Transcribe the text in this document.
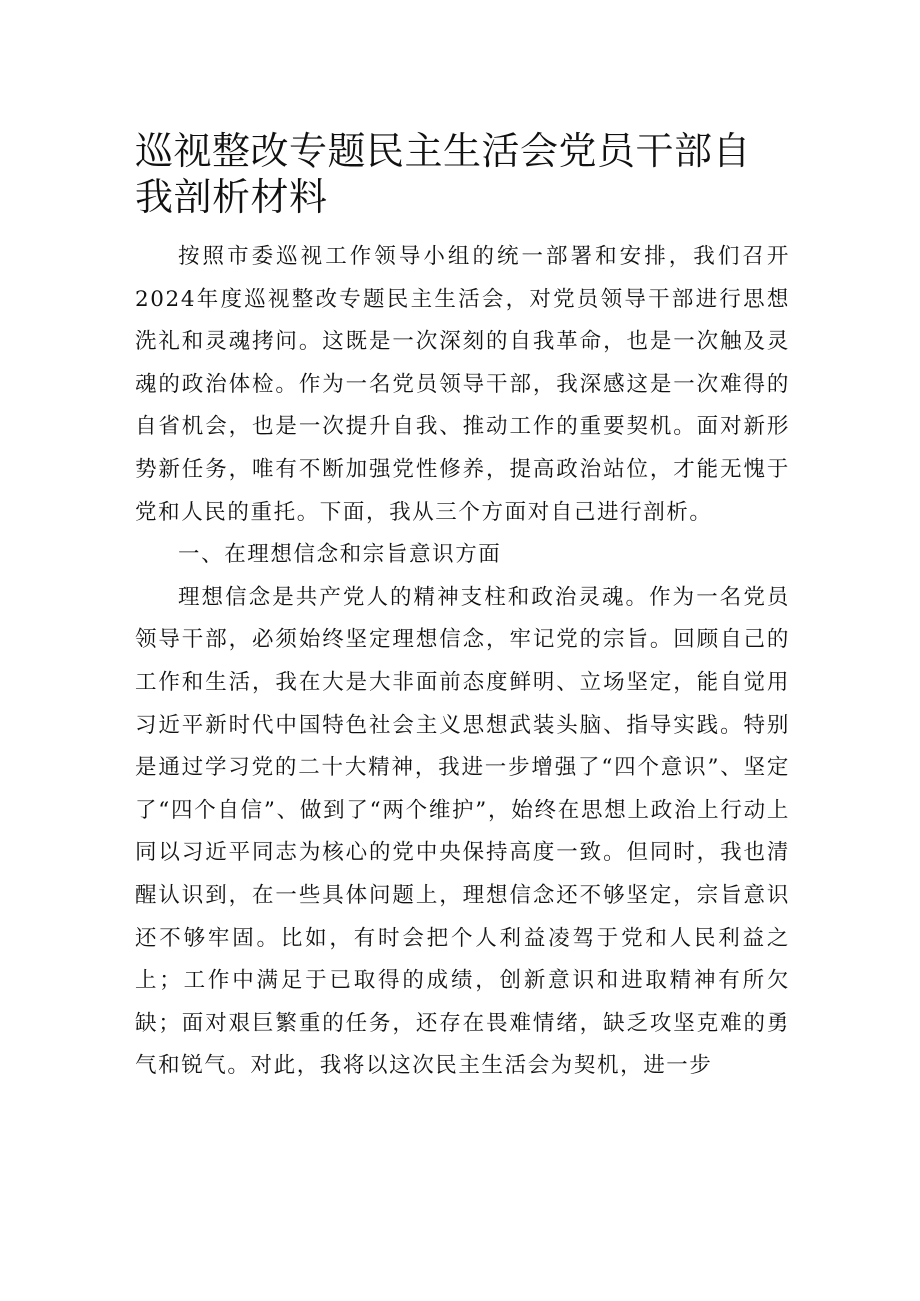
巡视整改专题民主生活会党员干部自我剖析材料

按照市委巡视工作领导小组的统一部署和安排，我们召开2024年度巡视整改专题民主生活会，对党员领导干部进行思想洗礼和灵魂拷问。这既是一次深刻的自我革命，也是一次触及灵魂的政治体检。作为一名党员领导干部，我深感这是一次难得的自省机会，也是一次提升自我、推动工作的重要契机。面对新形势新任务，唯有不断加强党性修养，提高政治站位，才能无愧于党和人民的重托。下面，我从三个方面对自己进行剖析。

一、在理想信念和宗旨意识方面

理想信念是共产党人的精神支柱和政治灵魂。作为一名党员领导干部，必须始终坚定理想信念，牢记党的宗旨。回顾自己的工作和生活，我在大是大非面前态度鲜明、立场坚定，能自觉用习近平新时代中国特色社会主义思想武装头脑、指导实践。特别是通过学习党的二十大精神，我进一步增强了“四个意识”、坚定了“四个自信”、做到了“两个维护”，始终在思想上政治上行动上同以习近平同志为核心的党中央保持高度一致。但同时，我也清醒认识到，在一些具体问题上，理想信念还不够坚定，宗旨意识还不够牢固。比如，有时会把个人利益凌驾于党和人民利益之上；工作中满足于已取得的成绩，创新意识和进取精神有所欠缺；面对艰巨繁重的任务，还存在畏难情绪，缺乏攻坚克难的勇气和锐气。对此，我将以这次民主生活会为契机，进一步
